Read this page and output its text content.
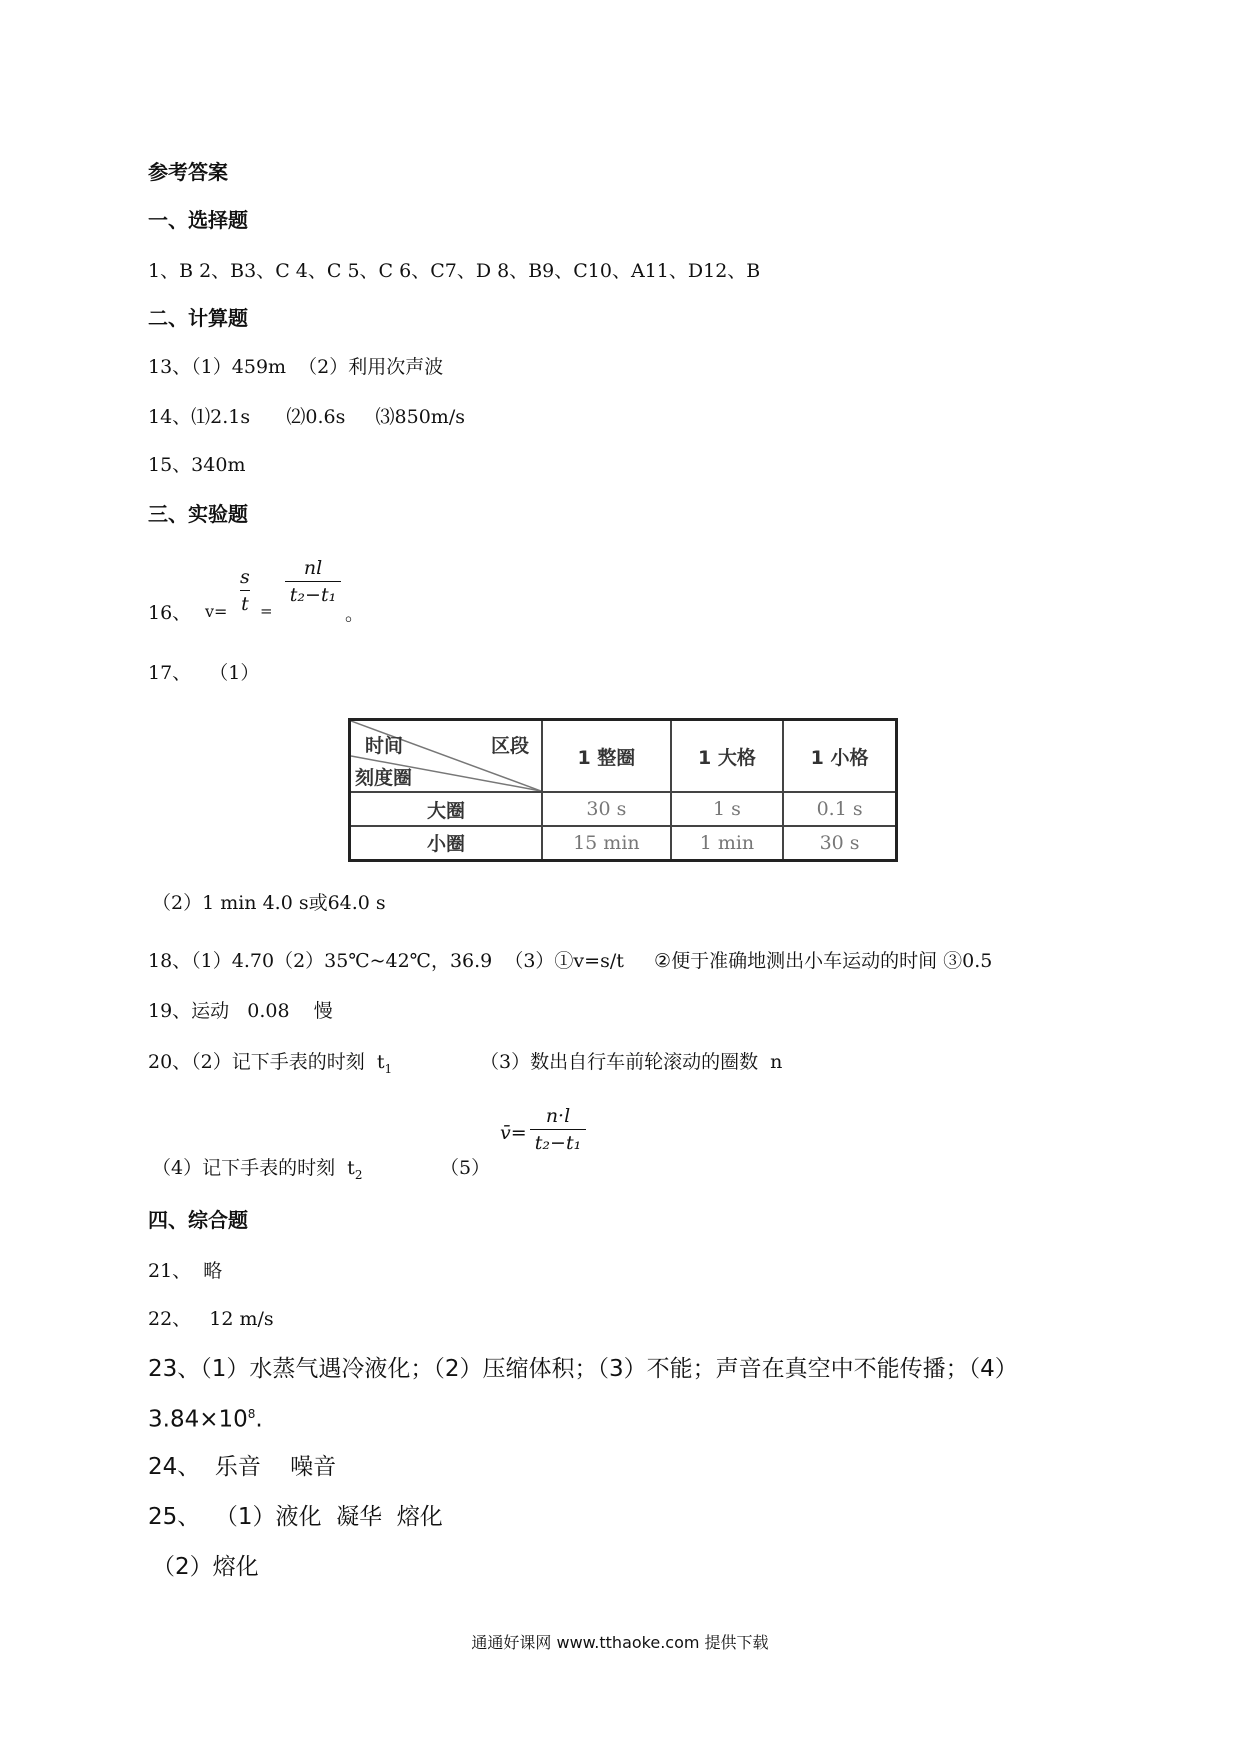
参考答案
一、选择题
1、B 2、B3、C 4、C 5、C 6、C7、D 8、B9、C10、A11、D12、B
二、计算题
13、（1）459m  （2）利用次声波
14、⑴2.1s      ⑵0.6s     ⑶850m/s
15、340m
三、实验题
16、 v=
s
t =
nl
t₂−t₁
。
17、   （1）
时间 区段
刻度圈	1 整圈	1 大格	1 小格
大圈	30 s	1 s	0.1 s
小圈	15 min	1 min	30 s
（2）1 min 4.0 s或64.0 s
18、（1）4.70（2）35℃~42℃，36.9  （3）①v=s/t     ②便于准确地测出小车运动的时间 ③0.5
19、运动   0.08    慢
20、（2）记下手表的时刻  $t_1$	（3）数出自行车前轮滚动的圈数  n
（4）记下手表的时刻  $t_2$	（5）
v̄=
n·l
t₂−t₁
四、综合题
21、  略
22、   12 m/s
23、（1）水蒸气遇冷液化；（2）压缩体积；（3）不能；声音在真空中不能传播；（4）
$3.84\times 10^8$.
24、  乐音    噪音
25、  （1）液化  凝华  熔化
（2）熔化
通通好课网 www.tthaoke.com 提供下载
